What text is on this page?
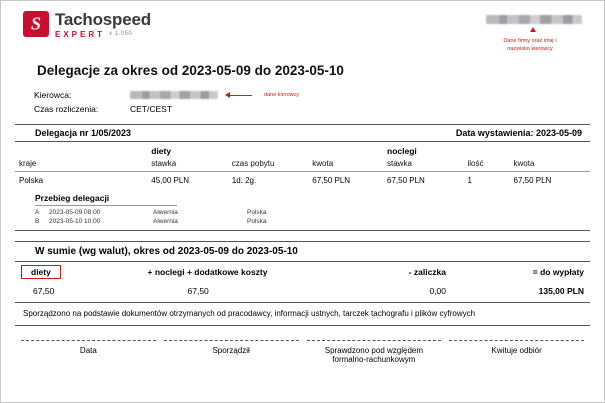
S
Tachospeed
EXPERT v 1.050
Dane firmy oraz imię i
nazwisko kierowcy
Delegacje za okres od 2023-05-09 do 2023-05-10
Kierowca:	dane kierowcy
Czas rozliczenia:	CET/CEST
Delegacja nr 1/05/2023	Data wystawienia: 2023-05-09
	diety			noclegi		
kraje	stawka	czas pobytu	kwota	stawka	ilość	kwota
Polska	45,00 PLN	1d. 2g.	67,50 PLN	67,50 PLN	1	67,50 PLN
Przebieg delegacji
A	2023-05-09 08:00	Alwernia	Polska
B	2023-05-10 10:00	Alwernia	Polska
W sumie (wg walut), okres od 2023-05-09 do 2023-05-10
diety	+ noclegi + dodatkowe koszty	- zaliczka	= do wypłaty
67,50	67,50	0,00	135,00 PLN
Sporządzono na podstawie dokumentów otrzymanych od pracodawcy, informacji ustnych, tarczek tachografu i plików cyfrowych
Data	Sporządził	Sprawdzono pod względem
formalno-rachunkowym
Kwituje odbiór
